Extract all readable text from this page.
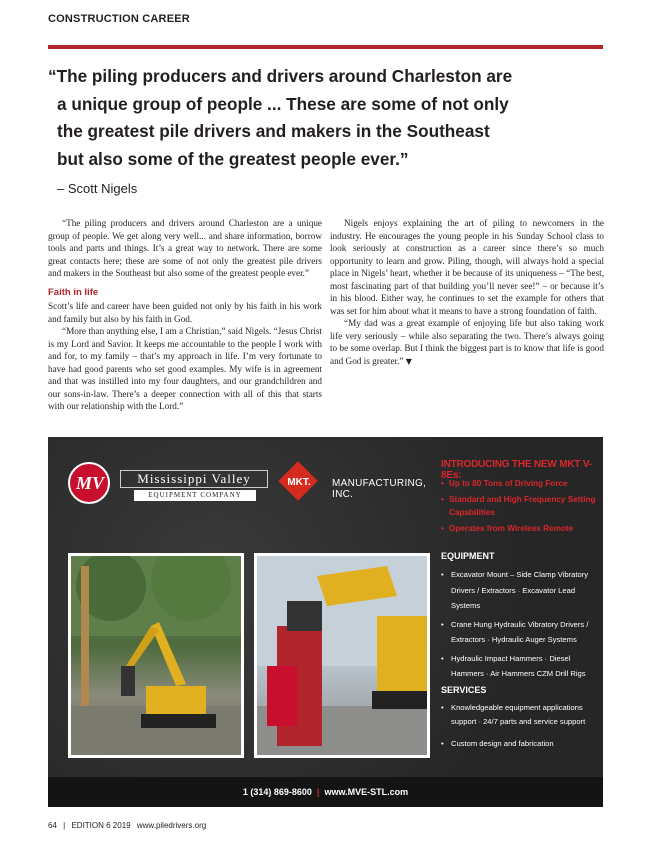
CONSTRUCTION CAREER
“The piling producers and drivers around Charleston are
a unique group of people ... These are some of not only
the greatest pile drivers and makers in the Southeast
but also some of the greatest people ever.”
– Scott Nigels

“The piling producers and drivers around Charleston are a unique group of people. We get along very well... and share information, borrow tools and parts and things. It’s a great way to network. There are some great contacts here; these are some of not only the greatest pile drivers and makers in the Southeast but also some of the greatest people ever.”

Faith in life

Scott’s life and career have been guided not only by his faith in his work and family but also by his faith in God.

“More than anything else, I am a Christian,” said Nigels. “Jesus Christ is my Lord and Savior. It keeps me accountable to the people I work with and for, to my family – that’s my approach in life. I’m very fortunate to have had good parents who set good examples. My wife is in agreement and that was instilled into my four daughters, and our grandchildren and our sons-in-law. There’s a deeper connection with all of this that starts with our relationship with the Lord.”

Nigels enjoys explaining the art of piling to newcomers in the industry. He encourages the young people in his Sunday School class to look seriously at construction as a career since there’s so much opportunity to learn and grow. Piling, though, will always hold a special place in Nigels’ heart, whether it be because of its uniqueness – “The best, most fascinating part of that building you’ll never see!” – or because it’s in his blood. Either way, he continues to set the example for others that was set for him about what it means to have a strong foundation of faith.

“My dad was a great example of enjoying life but also taking work life very seriously – while also separating the two. There’s always going to be some overlap. But I think the biggest part is to know that life is good and God is greater.” ▼

MV	Mississippi Valley
EQUIPMENT COMPANY
MKT.	MANUFACTURING, INC.
INTRODUCING THE NEW MKT V-8Es:
• Up to 80 Tons of Driving Force
• Standard and High Frequency Setting Capabilities
• Operates from Wireless Remote
EQUIPMENT
• Excavator Mount – Side Clamp Vibratory Drivers / Extractors · Excavator Lead Systems
• Crane Hung Hydraulic Vibratory Drivers / Extractors · Hydraulic Auger Systems
• Hydraulic Impact Hammers · Diesel Hammers · Air Hammers CZM Drill Rigs
SERVICES
• Knowledgeable equipment applications support · 24/7 parts and service support
• Custom design and fabrication
1 (314) 869-8600 | www.MVE-STL.com
64 | EDITION 6 2019 www.piledrivers.org
